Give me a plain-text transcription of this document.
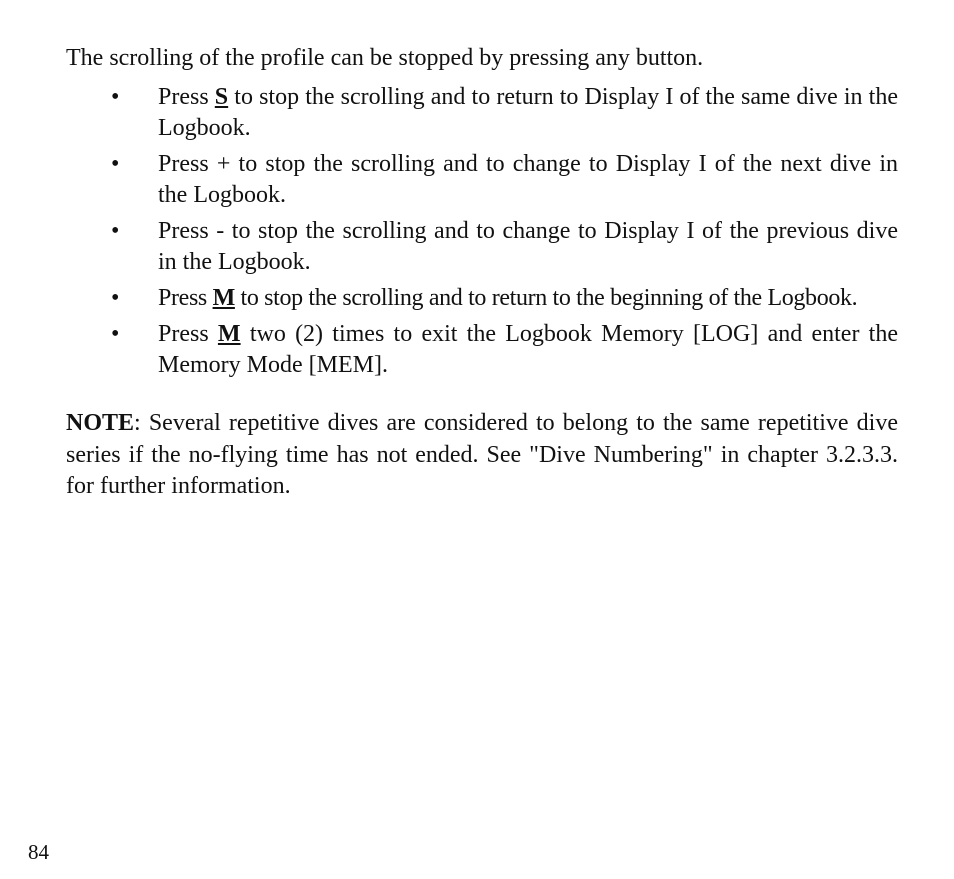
The scrolling of the profile can be stopped by pressing any button.

• Press S to stop the scrolling and to return to Display I of the same dive in the Logbook.
• Press + to stop the scrolling and to change to Display I of the next dive in the Logbook.
• Press - to stop the scrolling and to change to Display I of the previous dive in the Logbook.
• Press M to stop the scrolling and to return to the beginning of the Logbook.
• Press M two (2) times to exit the Logbook Memory [LOG] and enter the Memory Mode [MEM].

NOTE: Several repetitive dives are considered to belong to the same repetitive dive series if the no-flying time has not ended. See "Dive Numbering" in chapter 3.2.3.3. for further information.

84
